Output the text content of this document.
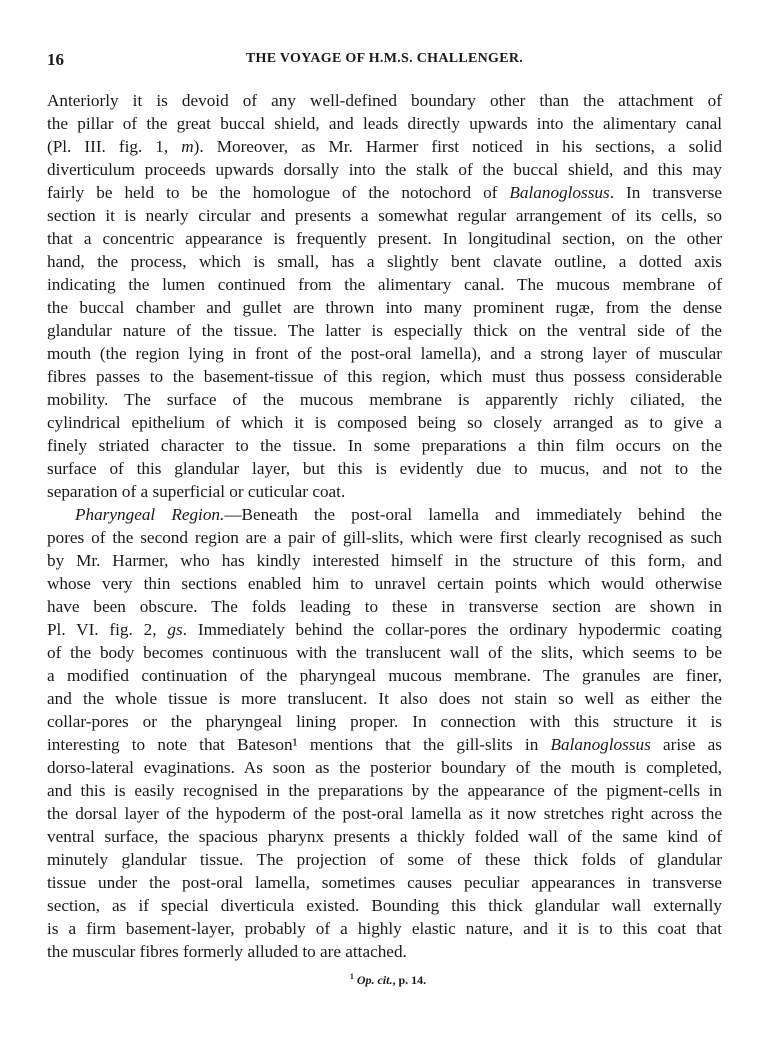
16	THE VOYAGE OF H.M.S. CHALLENGER.
Anteriorly it is devoid of any well-defined boundary other than the attachment of
the pillar of the great buccal shield, and leads directly upwards into the alimentary canal
(Pl. III. fig. 1, m). Moreover, as Mr. Harmer first noticed in his sections, a solid
diverticulum proceeds upwards dorsally into the stalk of the buccal shield, and this may
fairly be held to be the homologue of the notochord of Balanoglossus. In transverse
section it is nearly circular and presents a somewhat regular arrangement of its cells, so
that a concentric appearance is frequently present. In longitudinal section, on the other
hand, the process, which is small, has a slightly bent clavate outline, a dotted axis
indicating the lumen continued from the alimentary canal. The mucous membrane of
the buccal chamber and gullet are thrown into many prominent rugæ, from the dense
glandular nature of the tissue. The latter is especially thick on the ventral side of the
mouth (the region lying in front of the post-oral lamella), and a strong layer of muscular
fibres passes to the basement-tissue of this region, which must thus possess considerable
mobility. The surface of the mucous membrane is apparently richly ciliated, the
cylindrical epithelium of which it is composed being so closely arranged as to give a
finely striated character to the tissue. In some preparations a thin film occurs on the
surface of this glandular layer, but this is evidently due to mucus, and not to the
separation of a superficial or cuticular coat.
Pharyngeal Region.—Beneath the post-oral lamella and immediately behind the
pores of the second region are a pair of gill-slits, which were first clearly recognised as such
by Mr. Harmer, who has kindly interested himself in the structure of this form, and
whose very thin sections enabled him to unravel certain points which would otherwise
have been obscure. The folds leading to these in transverse section are shown in
Pl. VI. fig. 2, gs. Immediately behind the collar-pores the ordinary hypodermic coating
of the body becomes continuous with the translucent wall of the slits, which seems to be
a modified continuation of the pharyngeal mucous membrane. The granules are finer,
and the whole tissue is more translucent. It also does not stain so well as either the
collar-pores or the pharyngeal lining proper. In connection with this structure it is
interesting to note that Bateson¹ mentions that the gill-slits in Balanoglossus arise as
dorso-lateral evaginations. As soon as the posterior boundary of the mouth is completed,
and this is easily recognised in the preparations by the appearance of the pigment-cells in
the dorsal layer of the hypoderm of the post-oral lamella as it now stretches right across the
ventral surface, the spacious pharynx presents a thickly folded wall of the same kind of
minutely glandular tissue. The projection of some of these thick folds of glandular
tissue under the post-oral lamella, sometimes causes peculiar appearances in transverse
section, as if special diverticula existed. Bounding this thick glandular wall externally
is a firm basement-layer, probably of a highly elastic nature, and it is to this coat that
the muscular fibres formerly alluded to are attached.
$^1$ Op. cit., p. 14.
